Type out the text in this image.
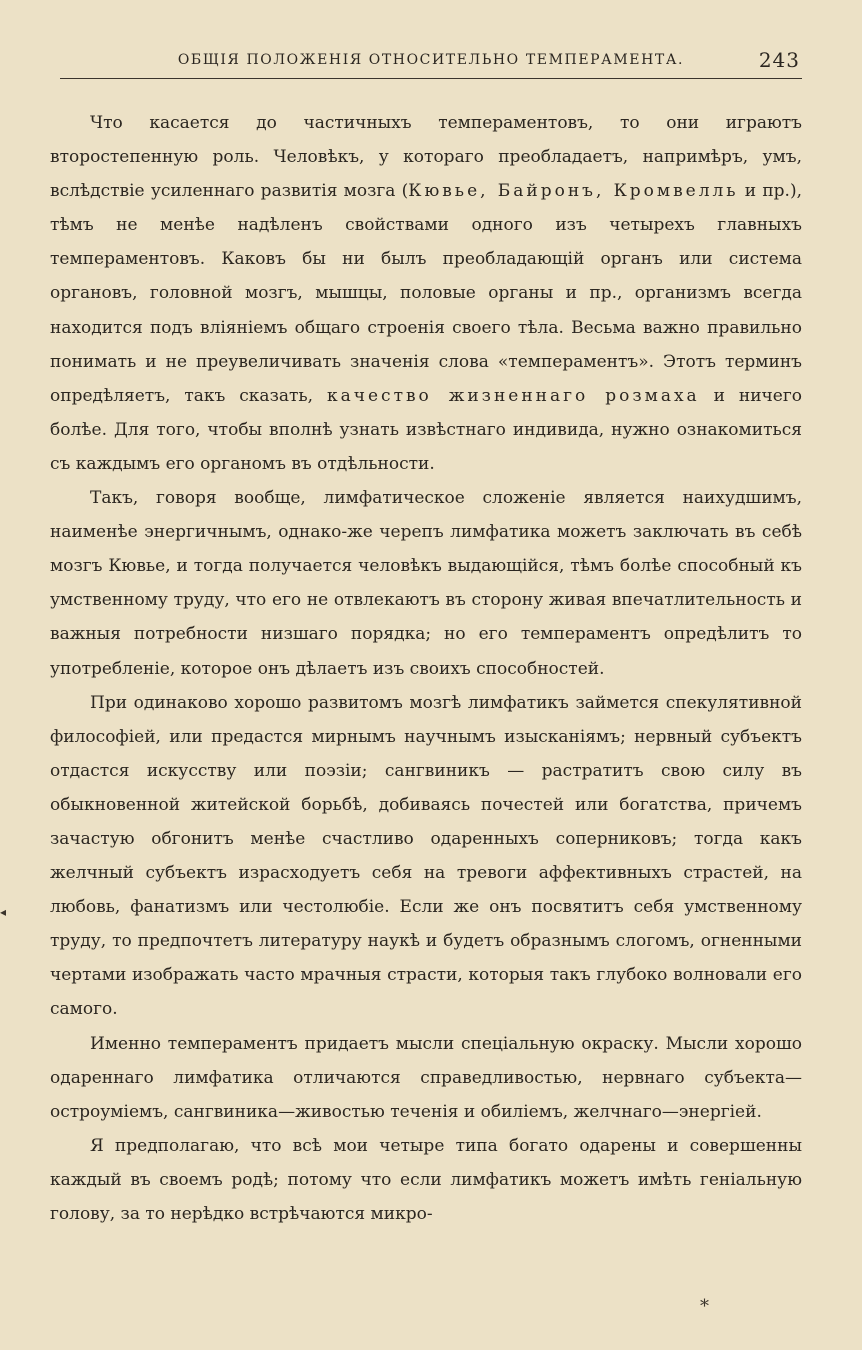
ОБЩІЯ ПОЛОЖЕНІЯ ОТНОСИТЕЛЬНО ТЕМПЕРАМЕНТА.	243
◂

Что касается до частичныхъ темпераментовъ, то они играютъ второстепенную роль. Человѣкъ, у котораго преобладаетъ, напримѣръ, умъ, вслѣдствіе усиленнаго развитія мозга (Кювье, Байронъ, Кромвелль и пр.), тѣмъ не менѣе надѣленъ свойствами одного изъ четырехъ главныхъ темпераментовъ. Каковъ бы ни былъ преобладающій органъ или система органовъ, головной мозгъ, мышцы, половые органы и пр., организмъ всегда находится подъ вліяніемъ общаго строенія своего тѣла. Весьма важно правильно понимать и не преувеличивать значенія слова «темпераментъ». Этотъ терминъ опредѣляетъ, такъ сказать, качество жизненнаго розмаха и ничего болѣе. Для того, чтобы вполнѣ узнать извѣстнаго индивида, нужно ознакомиться съ каждымъ его органомъ въ отдѣльности.

Такъ, говоря вообще, лимфатическое сложеніе является наихудшимъ, наименѣе энергичнымъ, однако-же черепъ лимфатика можетъ заключать въ себѣ мозгъ Кювье, и тогда получается человѣкъ выдающійся, тѣмъ болѣе способный къ умственному труду, что его не отвлекаютъ въ сторону живая впечатлительность и важныя потребности низшаго порядка; но его темпераментъ опредѣлитъ то употребленіе, которое онъ дѣлаетъ изъ своихъ способностей.

При одинаково хорошо развитомъ мозгѣ лимфатикъ займется спекулятивной философіей, или предастся мирнымъ научнымъ изысканіямъ; нервный субъектъ отдастся искусству или поэзіи; сангвиникъ — растратитъ свою силу въ обыкновенной житейской борьбѣ, добиваясь почестей или богатства, причемъ зачастую обгонитъ менѣе счастливо одаренныхъ соперниковъ; тогда какъ желчный субъектъ израсходуетъ себя на тревоги аффективныхъ страстей, на любовь, фанатизмъ или честолюбіе. Если же онъ посвятитъ себя умственному труду, то предпочтетъ литературу наукѣ и будетъ образнымъ слогомъ, огненными чертами изображать часто мрачныя страсти, которыя такъ глубоко волновали его самого.

Именно темпераментъ придаетъ мысли спеціальную окраску. Мысли хорошо одареннаго лимфатика отличаются справедливостью, нервнаго субъекта—остроуміемъ, сангвиника—живостью теченія и обиліемъ, желчнаго—энергіей.

Я предполагаю, что всѣ мои четыре типа богато одарены и совершенны каждый въ своемъ родѣ; потому что если лимфатикъ можетъ имѣть геніальную голову, за то нерѣдко встрѣчаются микро-

*
